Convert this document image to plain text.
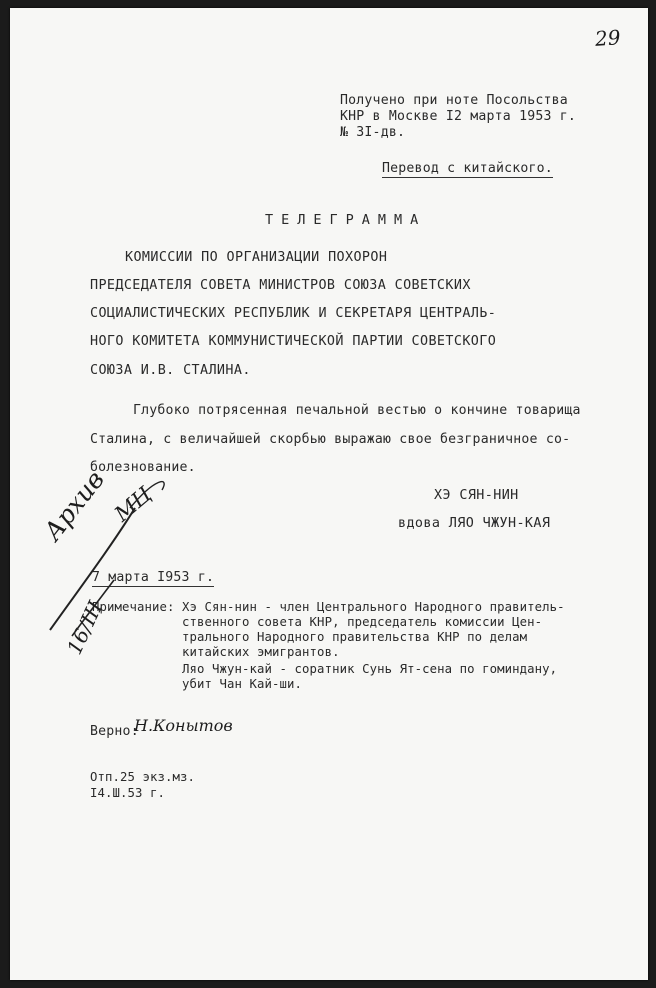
29
Получено при ноте Посольства
КНР в Москве I2 марта 1953 г.
№ 3I-дв.
Перевод с китайского.
ТЕЛЕГРАММА
КОМИССИИ ПО ОРГАНИЗАЦИИ ПОХОРОН
ПРЕДСЕДАТЕЛЯ СОВЕТА МИНИСТРОВ СОЮЗА СОВЕТСКИХ
СОЦИАЛИСТИЧЕСКИХ РЕСПУБЛИК И СЕКРЕТАРЯ ЦЕНТРАЛЬ-
НОГО КОМИТЕТА КОММУНИСТИЧЕСКОЙ ПАРТИИ СОВЕТСКОГО
СОЮЗА И.В. СТАЛИНА.
Глубоко потрясенная печальной вестью о кончине товарища
Сталина, с величайшей скорбью выражаю свое безграничное со-
болезнование.
ХЭ СЯН-НИН
вдова ЛЯО ЧЖУН-КАЯ
7 марта I953 г.
Примечание: Хэ Сян-нин - член Центрального Народного правитель-
ственного совета КНР, председатель комиссии Цен-
трального Народного правительства КНР по делам
китайских эмигрантов.
Ляо Чжун-кай - соратник Сунь Ят-сена по гоминдану,
убит Чан Кай-ши.
Верно:
Н.Конытов
Отп.25 экз.мз.
I4.Ш.53 г.
Архив МЦ
16/III
